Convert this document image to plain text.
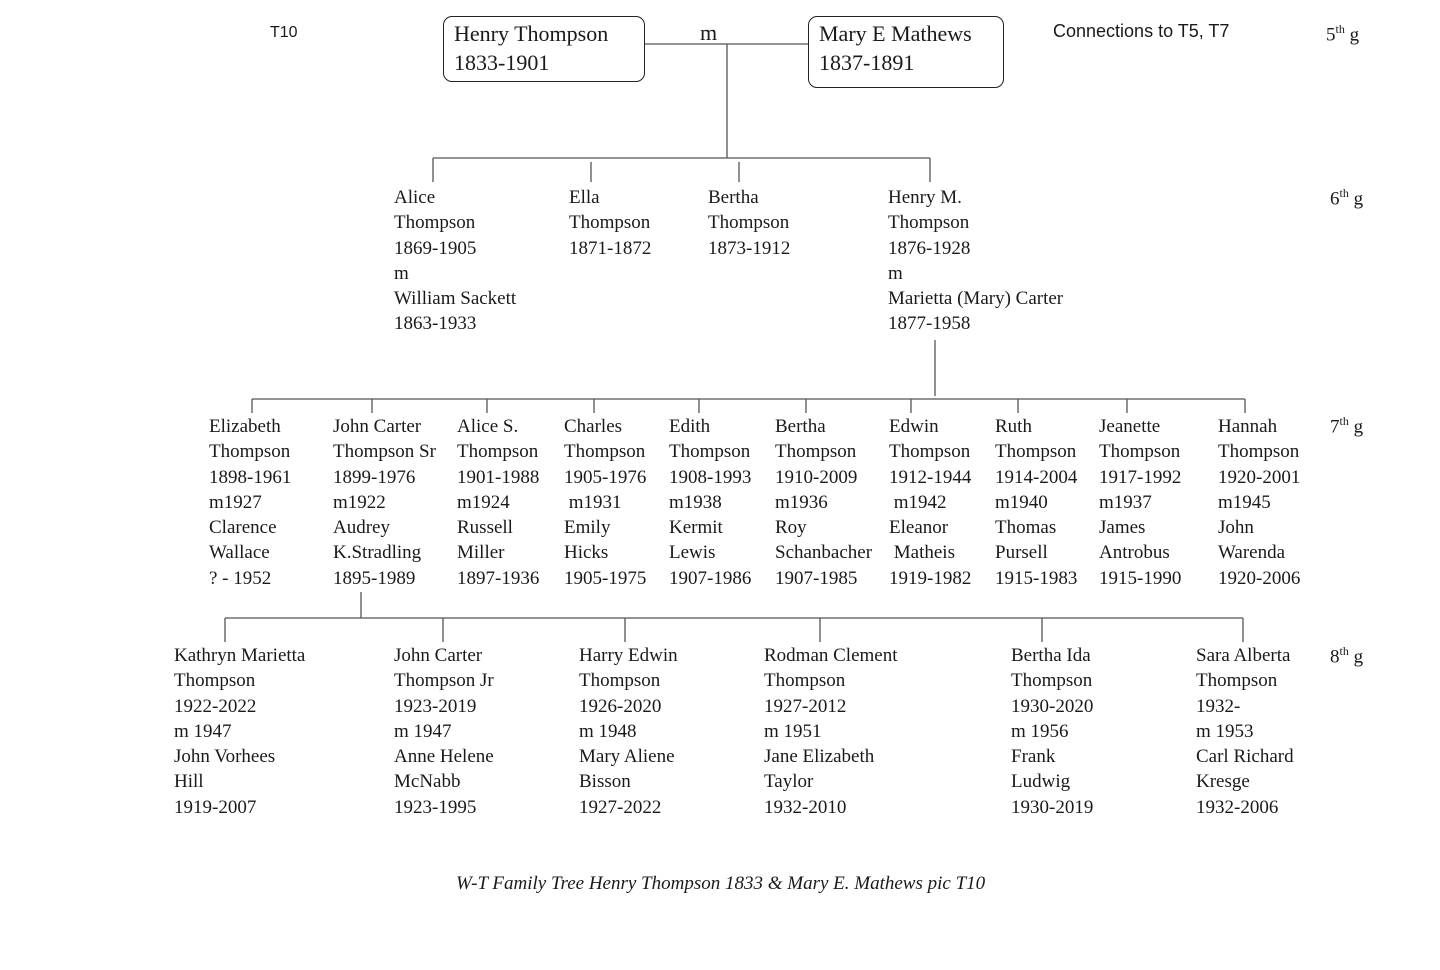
T10	Connections to T5, T7
Henry Thompson
1833-1901
m	Mary E Mathews
1837-1891
5th g
6th g
7th g
8th g
Alice
Thompson
1869-1905
m
William Sackett
1863-1933
Ella
Thompson
1871-1872
Bertha
Thompson
1873-1912
Henry M.
Thompson
1876-1928
m
Marietta (Mary) Carter
1877-1958
Elizabeth
Thompson
1898-1961
m1927
Clarence
Wallace
? - 1952
John Carter
Thompson Sr
1899-1976
m1922
Audrey
K.Stradling
1895-1989
Alice S.
Thompson
1901-1988
m1924
Russell
Miller
1897-1936
Charles
Thompson
1905-1976
m1931
Emily
Hicks
1905-1975
Edith
Thompson
1908-1993
m1938
Kermit
Lewis
1907-1986
Bertha
Thompson
1910-2009
m1936
Roy
Schanbacher
1907-1985
Edwin
Thompson
1912-1944
m1942
Eleanor
Matheis
1919-1982
Ruth
Thompson
1914-2004
m1940
Thomas
Pursell
1915-1983
Jeanette
Thompson
1917-1992
m1937
James
Antrobus
1915-1990
Hannah
Thompson
1920-2001
m1945
John
Warenda
1920-2006
Kathryn Marietta
Thompson
1922-2022
m 1947
John Vorhees
Hill
1919-2007
John Carter
Thompson Jr
1923-2019
m 1947
Anne Helene
McNabb
1923-1995
Harry Edwin
Thompson
1926-2020
m 1948
Mary Aliene
Bisson
1927-2022
Rodman Clement
Thompson
1927-2012
m 1951
Jane Elizabeth
Taylor
1932-2010
Bertha Ida
Thompson
1930-2020
m 1956
Frank
Ludwig
1930-2019
Sara Alberta
Thompson
1932-
m 1953
Carl Richard
Kresge
1932-2006
W-T Family Tree Henry Thompson 1833 & Mary E. Mathews pic T10
